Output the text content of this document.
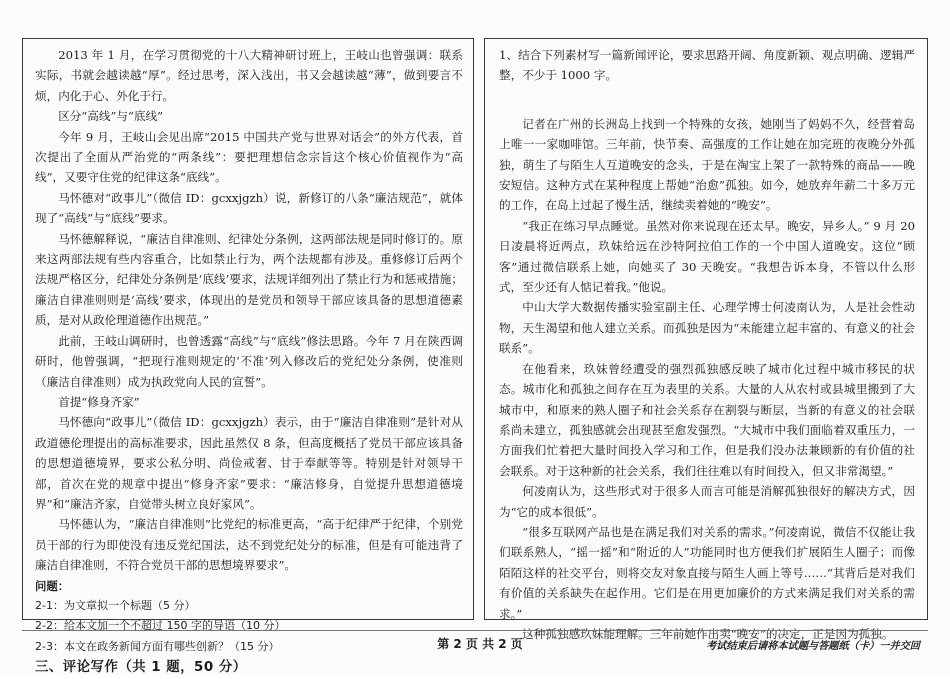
2013 年 1 月，在学习贯彻党的十八大精神研讨班上，王岐山也曾强调：联系实际，书就会越读越“厚”。经过思考，深入浅出，书又会越读越“薄”，做到要言不烦，内化于心、外化于行。

区分“高线”与“底线”

今年 9 月，王岐山会见出席“2015 中国共产党与世界对话会”的外方代表，首次提出了全面从严治党的“两条线”：要把理想信念宗旨这个核心价值视作为“高线”，又要守住党的纪律这条“底线”。

马怀德对“政事儿”（微信 ID：gcxxjgzh）说，新修订的八条“廉洁规范”，就体现了“高线”与“底线”要求。

马怀德解释说，“廉洁自律准则、纪律处分条例，这两部法规是同时修订的。原来这两部法规有些内容重合，比如禁止行为，两个法规都有涉及。重修修订后两个法规严格区分，纪律处分条例是‘底线’要求，法规详细列出了禁止行为和惩戒措施；廉洁自律准则则是‘高线’要求，体现出的是党员和领导干部应该具备的思想道德素质，是对从政伦理道德作出规范。”

此前，王岐山调研时，也曾透露“高线”与“底线”修法思路。今年 7 月在陕西调研时，他曾强调，“把现行准则规定的‘不准’列入修改后的党纪处分条例，使准则（廉洁自律准则）成为执政党向人民的宣誓”。

首提“修身齐家”

马怀德向“政事儿”（微信 ID：gcxxjgzh）表示，由于“廉洁自律准则”是针对从政道德伦理提出的高标准要求，因此虽然仅 8 条，但高度概括了党员干部应该具备的思想道德境界，要求公私分明、尚俭戒奢、甘于奉献等等。特别是针对领导干部，首次在党的规章中提出“修身齐家”要求：“廉洁修身，自觉提升思想道德境界”和“廉洁齐家，自觉带头树立良好家风”。

马怀德认为，“廉洁自律准则”比党纪的标准更高，“高于纪律严于纪律，个别党员干部的行为即使没有违反党纪国法，达不到党纪处分的标准，但是有可能违背了廉洁自律准则，不符合党员干部的思想境界要求”。

问题：

2-1：为文章拟一个标题（5 分）

2-2：给本文加一个不超过 150 字的导语（10 分）

2-3：本文在政务新闻方面有哪些创新？（15 分）

三、评论写作（共 1 题，50 分）

1、结合下列素材写一篇新闻评论，要求思路开阔、角度新颖、观点明确、逻辑严整，不少于 1000 字。

记者在广州的长洲岛上找到一个特殊的女孩，她刚当了妈妈不久，经营着岛上唯一一家咖啡馆。三年前，快节奏、高强度的工作让她在加完班的夜晚分外孤独，萌生了与陌生人互道晚安的念头，于是在淘宝上架了一款特殊的商品——晚安短信。这种方式在某种程度上帮她“治愈”孤独。如今，她放弃年薪二十多万元的工作，在岛上过起了慢生活，继续卖着她的“晚安”。

“我正在练习早点睡觉。虽然对你来说现在还太早。晚安，异乡人。” 9 月 20 日凌晨将近两点，玖妹给远在沙特阿拉伯工作的一个中国人道晚安。这位“顾客”通过微信联系上她，向她买了 30 天晚安。“我想告诉本身，不管以什么形式，至少还有人惦记着我。”他说。

中山大学大数据传播实验室副主任、心理学博士何凌南认为，人是社会性动物，天生渴望和他人建立关系。而孤独是因为“未能建立起丰富的、有意义的社会联系”。

在他看来，玖妹曾经遭受的强烈孤独感反映了城市化过程中城市移民的状态。城市化和孤独之间存在互为表里的关系。大量的人从农村或县城里搬到了大城市中，和原来的熟人圈子和社会关系存在割裂与断层，当新的有意义的社会联系尚未建立，孤独感就会出现甚至愈发强烈。“大城市中我们面临着双重压力，一方面我们忙着把大量时间投入学习和工作，但是我们没办法兼顾新的有价值的社会联系。对于这种新的社会关系，我们往往难以有时间投入，但又非常渴望。”

何凌南认为，这些形式对于很多人而言可能是消解孤独很好的解决方式，因为“它的成本很低”。

“很多互联网产品也是在满足我们对关系的需求。”何凌南说，微信不仅能让我们联系熟人，“摇一摇”和“附近的人”功能同时也方便我们扩展陌生人圈子；而像陌陌这样的社交平台，则将交友对象直接与陌生人画上等号……“其背后是对我们有价值的关系缺失在起作用。它们是在用更加廉价的方式来满足我们对关系的需求。”

这种孤独感玖妹能理解。三年前她作出卖“晚安”的决定，正是因为孤独。

第 2 页 共 2 页	考试结束后请将本试题与答题纸（卡）一并交回
